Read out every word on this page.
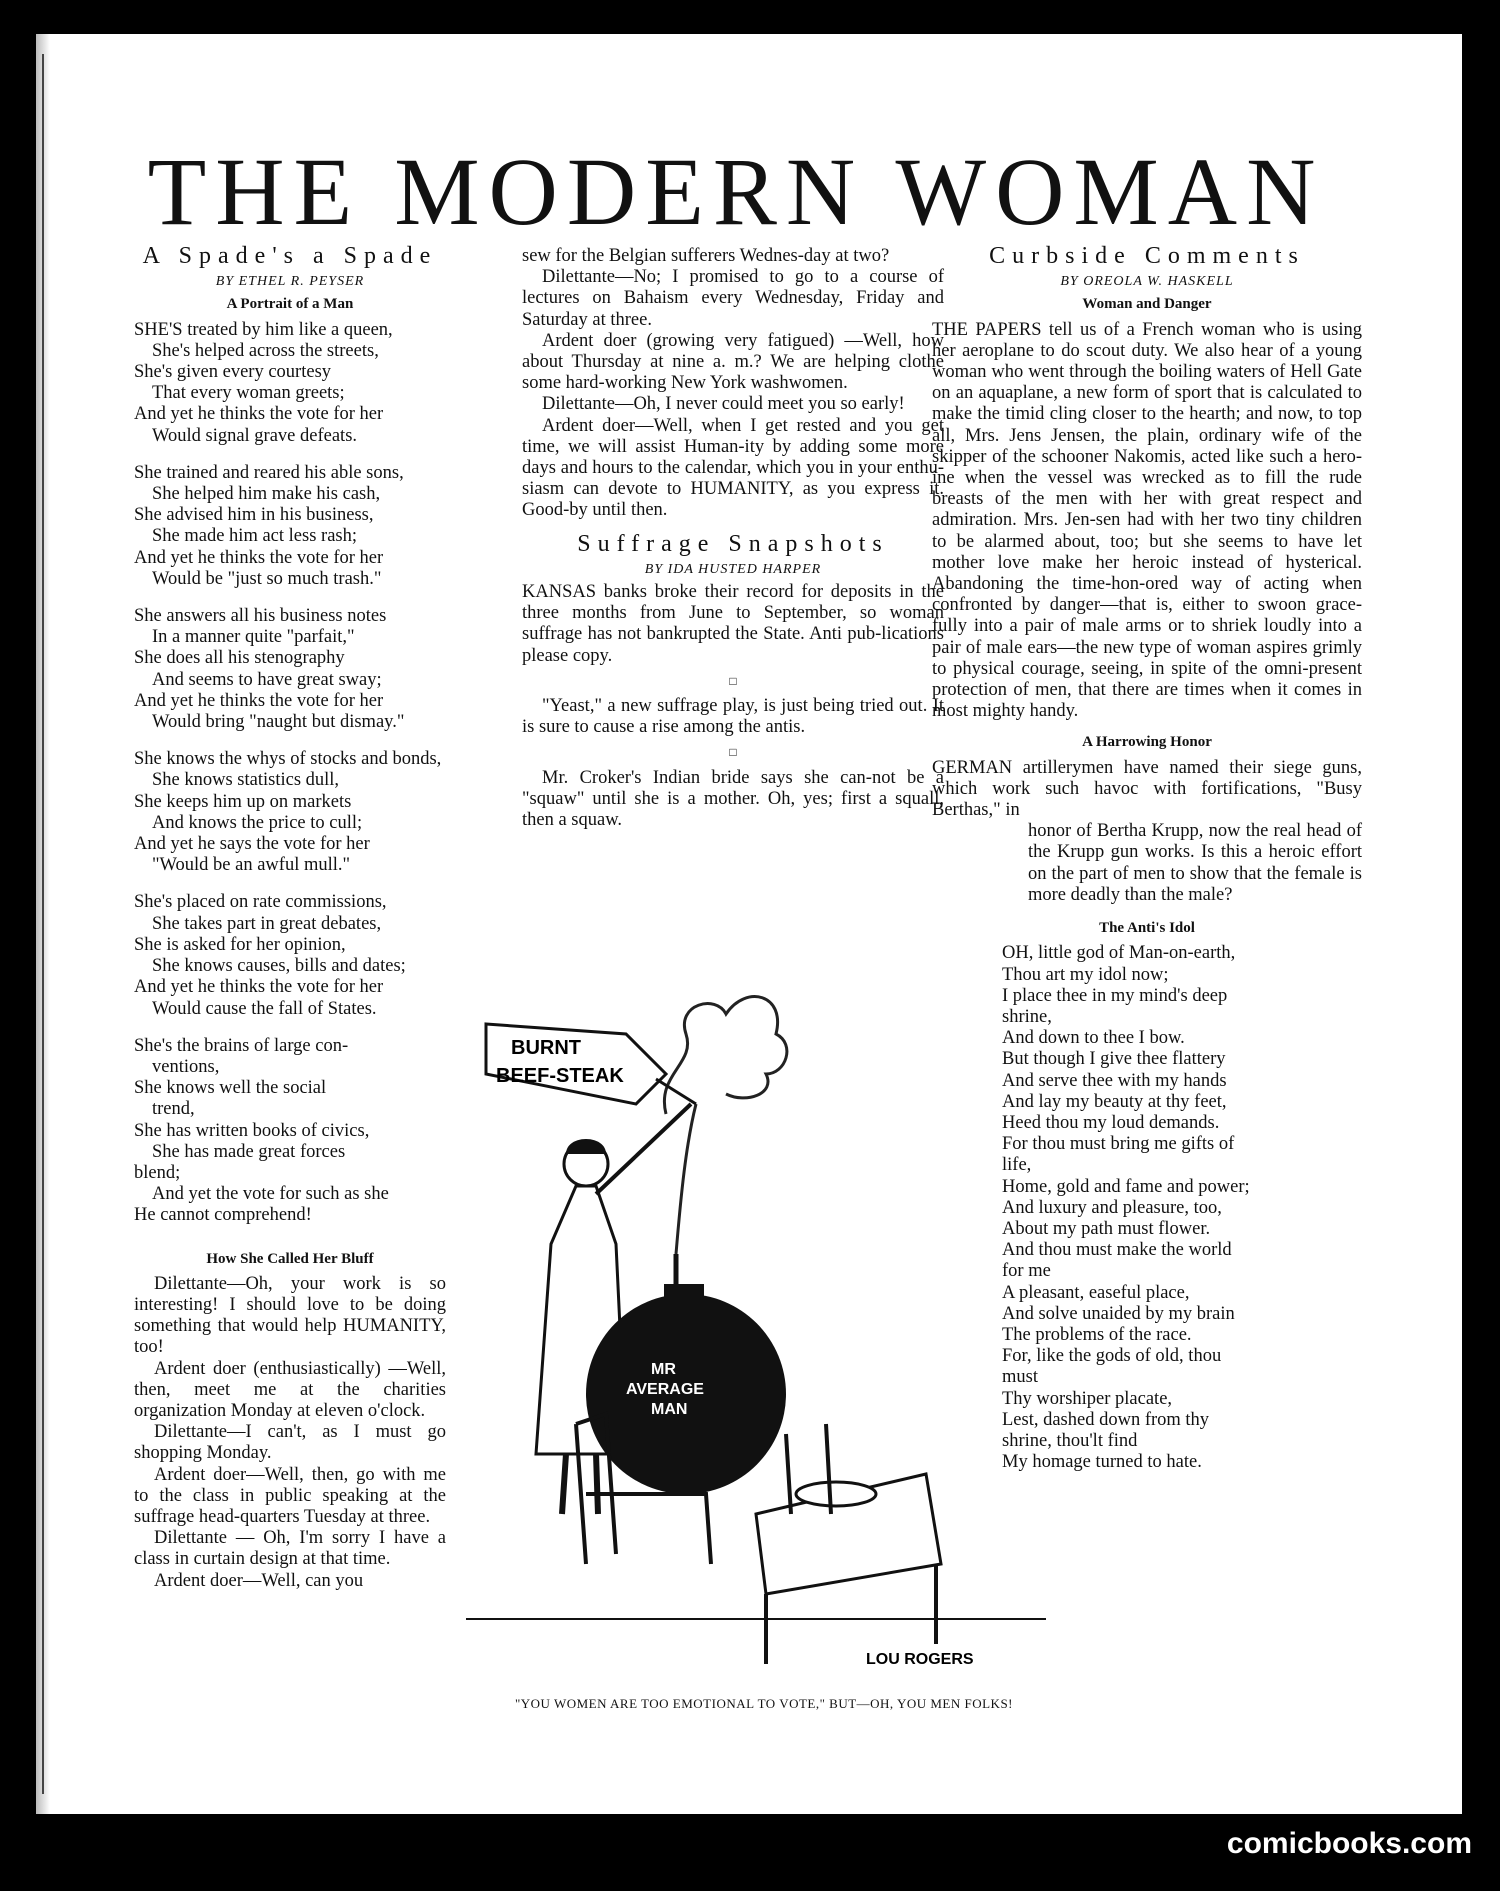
THE MODERN WOMAN
A Spade's a Spade

BY ETHEL R. PEYSER

A Portrait of a Man

SHE'S treated by him like a queen,

She's helped across the streets,

She's given every courtesy

That every woman greets;

And yet he thinks the vote for her

Would signal grave defeats.

She trained and reared his able sons,

She helped him make his cash,

She advised him in his business,

She made him act less rash;

And yet he thinks the vote for her

Would be "just so much trash."

She answers all his business notes

In a manner quite "parfait,"

She does all his stenography

And seems to have great sway;

And yet he thinks the vote for her

Would bring "naught but dismay."

She knows the whys of stocks and bonds,

She knows statistics dull,

She keeps him up on markets

And knows the price to cull;

And yet he says the vote for her

"Would be an awful mull."

She's placed on rate commissions,

She takes part in great debates,

She is asked for her opinion,

She knows causes, bills and dates;

And yet he thinks the vote for her

Would cause the fall of States.

She's the brains of large con-

ventions,

She knows well the social

trend,

She has written books of civics,

She has made great forces

blend;

And yet the vote for such as she

He cannot comprehend!

How She Called Her Bluff

Dilettante—Oh, your work is so interesting! I should love to be doing something that would help HUMANITY, too!

Ardent doer (enthusiastically) —Well, then, meet me at the charities organization Monday at eleven o'clock.

Dilettante—I can't, as I must go shopping Monday.

Ardent doer—Well, then, go with me to the class in public speaking at the suffrage head-quarters Tuesday at three.

Dilettante — Oh, I'm sorry I have a class in curtain design at that time.

Ardent doer—Well, can you

sew for the Belgian sufferers Wednes-day at two?

Dilettante—No; I promised to go to a course of lectures on Bahaism every Wednesday, Friday and Saturday at three.

Ardent doer (growing very fatigued) —Well, how about Thursday at nine a. m.? We are helping clothe some hard-working New York washwomen.

Dilettante—Oh, I never could meet you so early!

Ardent doer—Well, when I get rested and you get time, we will assist Human-ity by adding some more days and hours to the calendar, which you in your enthu-siasm can devote to HUMANITY, as you express it. Good-by until then.

Suffrage Snapshots

BY IDA HUSTED HARPER

KANSAS banks broke their record for deposits in the three months from June to September, so woman suffrage has not bankrupted the State. Anti pub-lications please copy.

□

"Yeast," a new suffrage play, is just being tried out. It is sure to cause a rise among the antis.

□

Mr. Croker's Indian bride says she can-not be a "squaw" until she is a mother. Oh, yes; first a squall, then a squaw.

Curbside Comments

BY OREOLA W. HASKELL

Woman and Danger

THE PAPERS tell us of a French woman who is using her aeroplane to do scout duty. We also hear of a young woman who went through the boiling waters of Hell Gate on an aquaplane, a new form of sport that is calculated to make the timid cling closer to the hearth; and now, to top all, Mrs. Jens Jensen, the plain, ordinary wife of the skipper of the schooner Nakomis, acted like such a hero-ine when the vessel was wrecked as to fill the rude breasts of the men with her with great respect and admiration. Mrs. Jen-sen had with her two tiny children to be alarmed about, too; but she seems to have let mother love make her heroic instead of hysterical. Abandoning the time-hon-ored way of acting when confronted by danger—that is, either to swoon grace-fully into a pair of male arms or to shriek loudly into a pair of male ears—the new type of woman aspires grimly to physical courage, seeing, in spite of the omni-present protection of men, that there are times when it comes in most mighty handy.

A Harrowing Honor

GERMAN artillerymen have named their siege guns, which work such havoc with fortifications, "Busy Berthas," in

honor of Bertha Krupp, now the real head of the Krupp gun works. Is this a heroic effort on the part of men to show that the female is more deadly than the male?

The Anti's Idol

OH, little god of Man-on-earth,

Thou art my idol now;

I place thee in my mind's deep

shrine,

And down to thee I bow.

But though I give thee flattery

And serve thee with my hands

And lay my beauty at thy feet,

Heed thou my loud demands.

For thou must bring me gifts of

life,

Home, gold and fame and power;

And luxury and pleasure, too,

About my path must flower.

And thou must make the world

for me

A pleasant, easeful place,

And solve unaided by my brain

The problems of the race.

For, like the gods of old, thou

must

Thy worshiper placate,

Lest, dashed down from thy

shrine, thou'lt find

My homage turned to hate.

BURNT
BEEF-STEAK
MR
AVERAGE
MAN
LOU ROGERS
"YOU WOMEN ARE TOO EMOTIONAL TO VOTE," BUT—OH, YOU MEN FOLKS!
comicbooks.com
